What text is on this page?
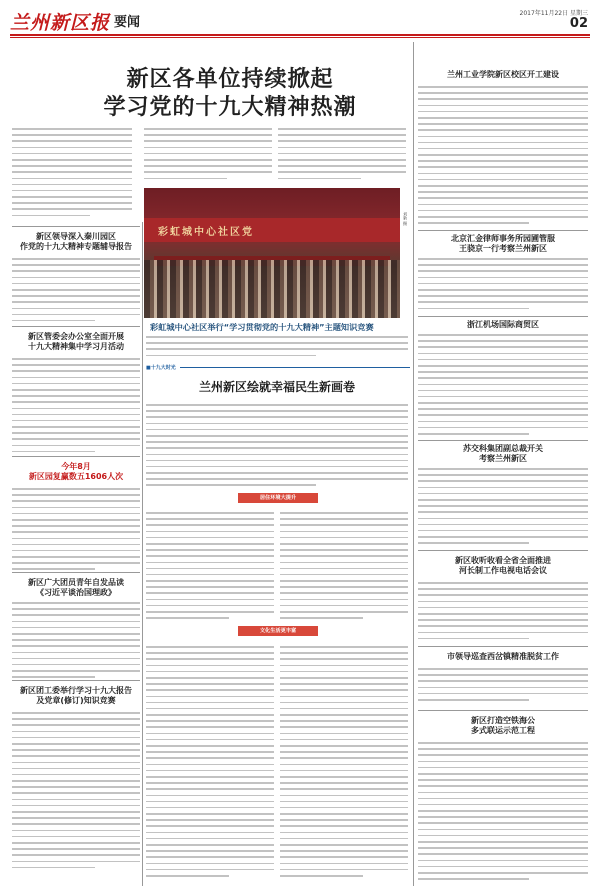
兰州新区报 要闻
2017年11月22日 星期三
02
新区各单位持续掀起
学习党的十九大精神热潮
新区领导深入秦川园区
作党的十九大精神专题辅导报告
新区管委会办公室全面开展
十九大精神集中学习月活动
今年8月
新区园复赢数五1606人次
新区广大团员青年自发品读
《习近平谈治国理政》
新区团工委举行学习十九大报告
及党章(修订)知识竞赛
彩虹城中心社区党
刘新 摄
彩虹城中心社区举行“学习贯彻党的十九大精神”主题知识竞赛
■十九大时光
兰州新区绘就幸福民生新画卷
居住环境大提升
文化生活更丰富
兰州工业学院新区校区开工建设
北京汇金律师事务所园圃管服
王骁京一行考察兰州新区
浙江机场国际商贸区
苏交科集团副总裁开关
考察兰州新区
新区收听收看全省全面推进
河长制工作电视电话会议
市领导巡查西岔镇精准脱贫工作
新区打造空铁海公
多式联运示范工程
